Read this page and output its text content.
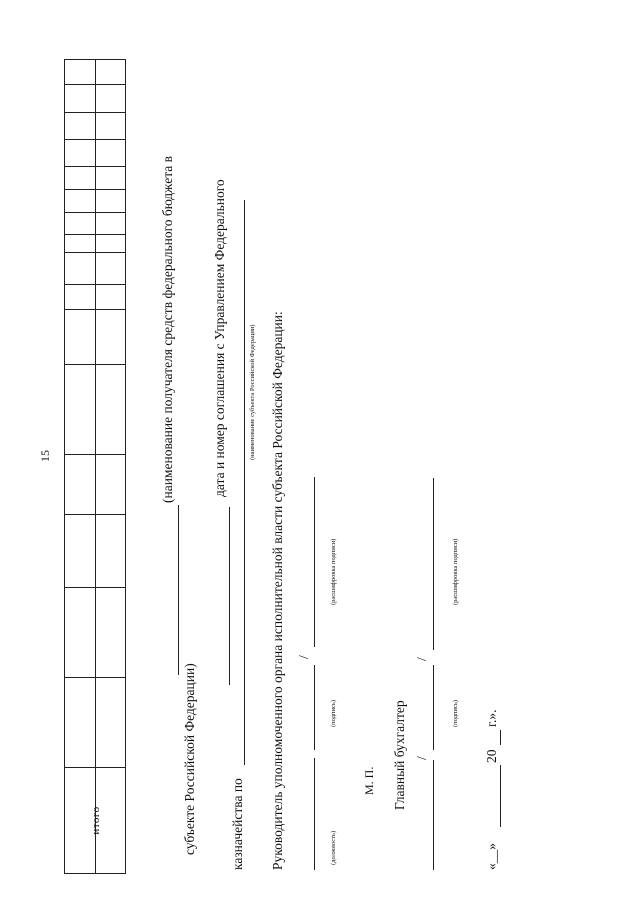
15
итого
(наименование получателя средств федерального бюджета в
субъекте Российской Федерации)
дата и номер соглашения с Управлением Федерального
казначейства по
(наименование субъекта Российской Федерации) Руководитель уполномоченного органа исполнительной власти субъекта Российской Федерации: /
(должность)
(подпись)
(расшифровка подписи)
М. П. Главный бухгалтер /
/
(подпись)
(расшифровка подписи)
«__»
20
г.».
